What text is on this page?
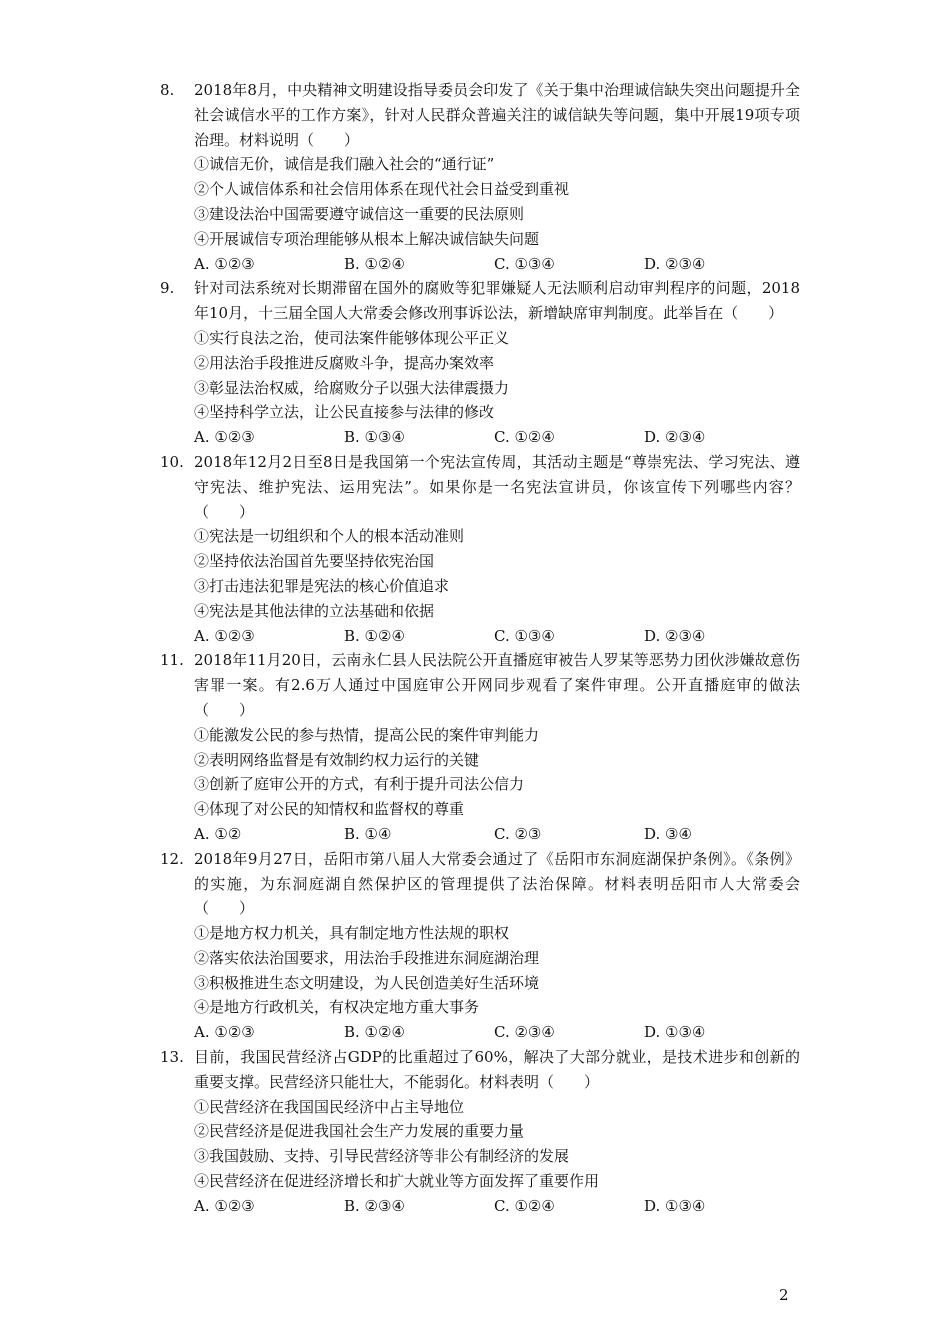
8. 2018年8月，中央精神文明建设指导委员会印发了《关于集中治理诚信缺失突出问题提升全社会诚信水平的工作方案》，针对人民群众普遍关注的诚信缺失等问题，集中开展19项专项治理。材料说明（　　）
①诚信无价，诚信是我们融入社会的“通行证”
②个人诚信体系和社会信用体系在现代社会日益受到重视
③建设法治中国需要遵守诚信这一重要的民法原则
④开展诚信专项治理能够从根本上解决诚信缺失问题
A. ①②③	B. ①②④	C. ①③④	D. ②③④
9. 针对司法系统对长期滞留在国外的腐败等犯罪嫌疑人无法顺利启动审判程序的问题，2018年10月，十三届全国人大常委会修改刑事诉讼法，新增缺席审判制度。此举旨在（　　）
①实行良法之治，使司法案件能够体现公平正义
②用法治手段推进反腐败斗争，提高办案效率
③彰显法治权威，给腐败分子以强大法律震摄力
④坚持科学立法，让公民直接参与法律的修改
A. ①②③	B. ①③④	C. ①②④	D. ②③④
10. 2018年12月2日至8日是我国第一个宪法宣传周，其活动主题是“尊崇宪法、学习宪法、遵守宪法、维护宪法、运用宪法”。如果你是一名宪法宣讲员，你该宣传下列哪些内容？（　　）
①宪法是一切组织和个人的根本活动准则
②坚持依法治国首先要坚持依宪治国
③打击违法犯罪是宪法的核心价值追求
④宪法是其他法律的立法基础和依据
A. ①②③	B. ①②④	C. ①③④	D. ②③④
11. 2018年11月20日，云南永仁县人民法院公开直播庭审被告人罗某等恶势力团伙涉嫌故意伤害罪一案。有2.6万人通过中国庭审公开网同步观看了案件审理。公开直播庭审的做法（　　）
①能激发公民的参与热情，提高公民的案件审判能力
②表明网络监督是有效制约权力运行的关键
③创新了庭审公开的方式，有利于提升司法公信力
④体现了对公民的知情权和监督权的尊重
A. ①②	B. ①④	C. ②③	D. ③④
12. 2018年9月27日，岳阳市第八届人大常委会通过了《岳阳市东洞庭湖保护条例》。《条例》的实施，为东洞庭湖自然保护区的管理提供了法治保障。材料表明岳阳市人大常委会（　　）
①是地方权力机关，具有制定地方性法规的职权
②落实依法治国要求，用法治手段推进东洞庭湖治理
③积极推进生态文明建设，为人民创造美好生活环境
④是地方行政机关，有权决定地方重大事务
A. ①②③	B. ①②④	C. ②③④	D. ①③④
13. 目前，我国民营经济占GDP的比重超过了60%，解决了大部分就业，是技术进步和创新的重要支撑。民营经济只能壮大，不能弱化。材料表明（　　）
①民营经济在我国国民经济中占主导地位
②民营经济是促进我国社会生产力发展的重要力量
③我国鼓励、支持、引导民营经济等非公有制经济的发展
④民营经济在促进经济增长和扩大就业等方面发挥了重要作用
A. ①②③	B. ②③④	C. ①②④	D. ①③④
2
